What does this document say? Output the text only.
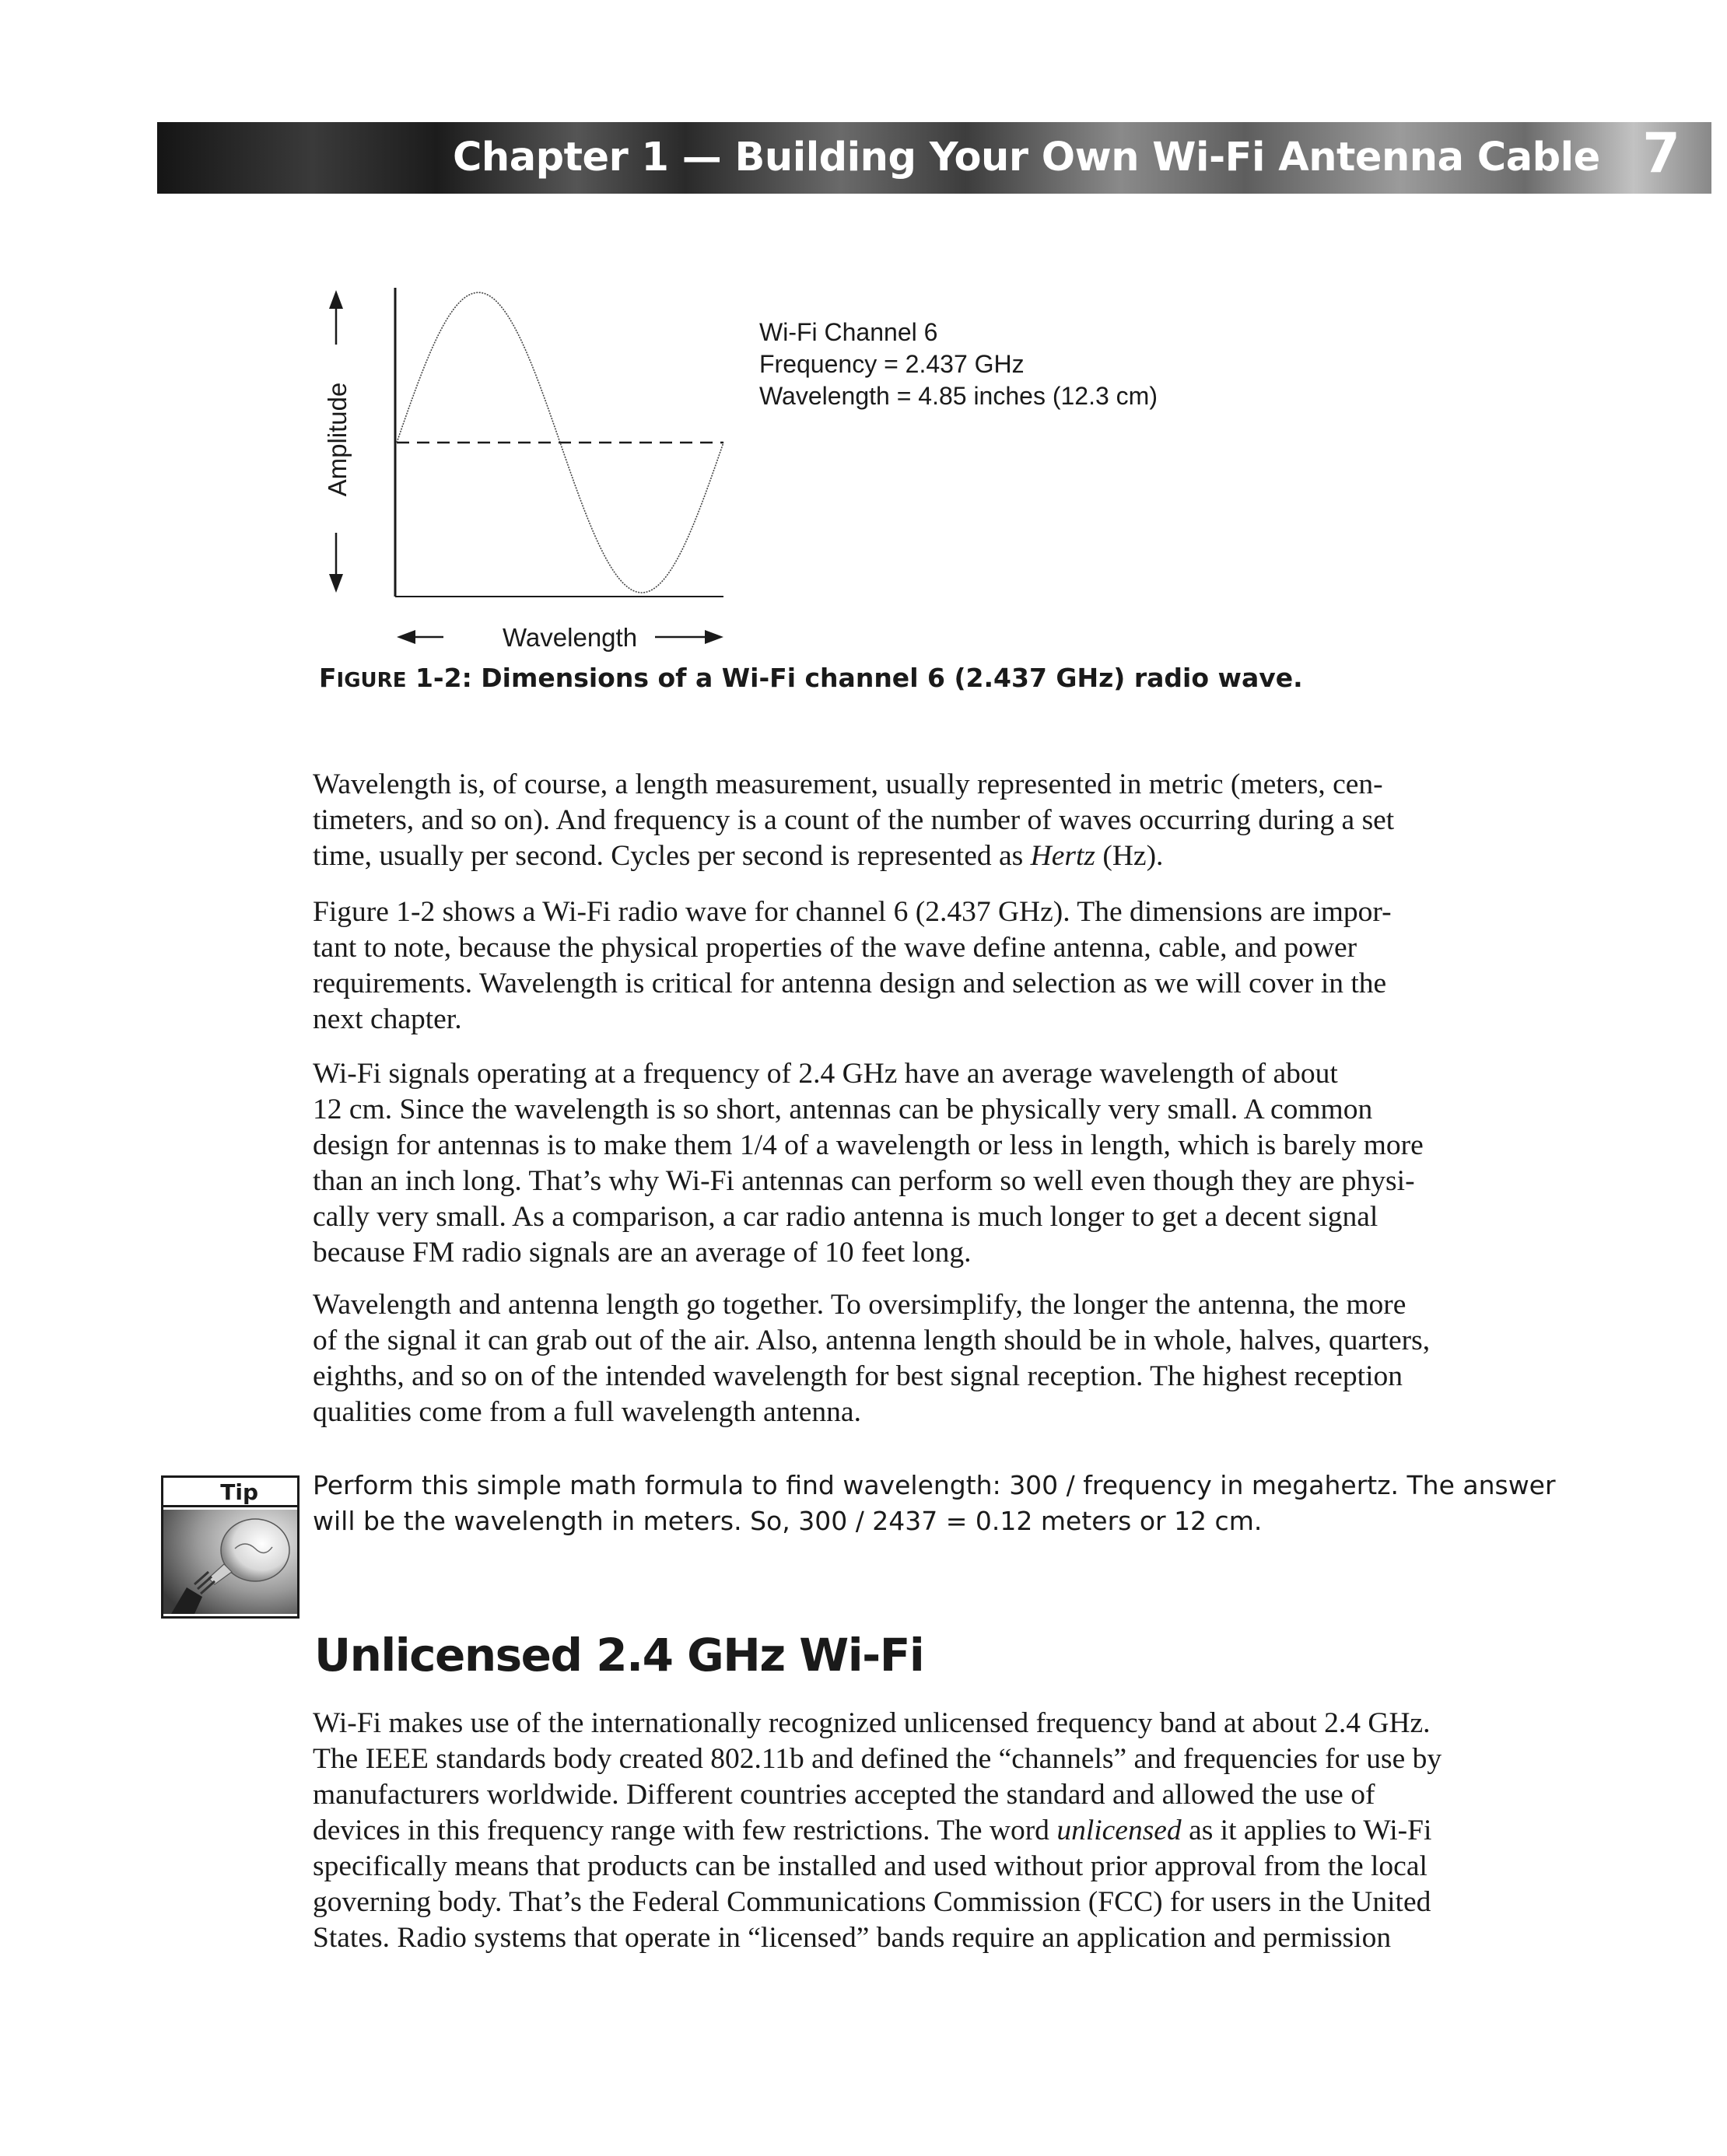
Chapter 1 — Building Your Own Wi-Fi Antenna Cable 7
Amplitude
Wavelength
Wi-Fi Channel 6
Frequency = 2.437 GHz
Wavelength = 4.85 inches (12.3 cm)
FIGURE 1-2: Dimensions of a Wi-Fi channel 6 (2.437 GHz) radio wave.
Wavelength is, of course, a length measurement, usually represented in metric (meters, cen-
timeters, and so on). And frequency is a count of the number of waves occurring during a set
time, usually per second. Cycles per second is represented as Hertz (Hz).
Figure 1-2 shows a Wi-Fi radio wave for channel 6 (2.437 GHz). The dimensions are impor-
tant to note, because the physical properties of the wave define antenna, cable, and power
requirements. Wavelength is critical for antenna design and selection as we will cover in the
next chapter.
Wi-Fi signals operating at a frequency of 2.4 GHz have an average wavelength of about
12 cm. Since the wavelength is so short, antennas can be physically very small. A common
design for antennas is to make them 1/4 of a wavelength or less in length, which is barely more
than an inch long. That’s why Wi-Fi antennas can perform so well even though they are physi-
cally very small. As a comparison, a car radio antenna is much longer to get a decent signal
because FM radio signals are an average of 10 feet long.
Wavelength and antenna length go together. To oversimplify, the longer the antenna, the more
of the signal it can grab out of the air. Also, antenna length should be in whole, halves, quarters,
eighths, and so on of the intended wavelength for best signal reception. The highest reception
qualities come from a full wavelength antenna.
Tip	Perform this simple math formula to find wavelength: 300 / frequency in megahertz. The answer
will be the wavelength in meters. So, 300 / 2437 = 0.12 meters or 12 cm.
Unlicensed 2.4 GHz Wi-Fi
Wi-Fi makes use of the internationally recognized unlicensed frequency band at about 2.4 GHz.
The IEEE standards body created 802.11b and defined the “channels” and frequencies for use by
manufacturers worldwide. Different countries accepted the standard and allowed the use of
devices in this frequency range with few restrictions. The word unlicensed as it applies to Wi-Fi
specifically means that products can be installed and used without prior approval from the local
governing body. That’s the Federal Communications Commission (FCC) for users in the United
States. Radio systems that operate in “licensed” bands require an application and permission
